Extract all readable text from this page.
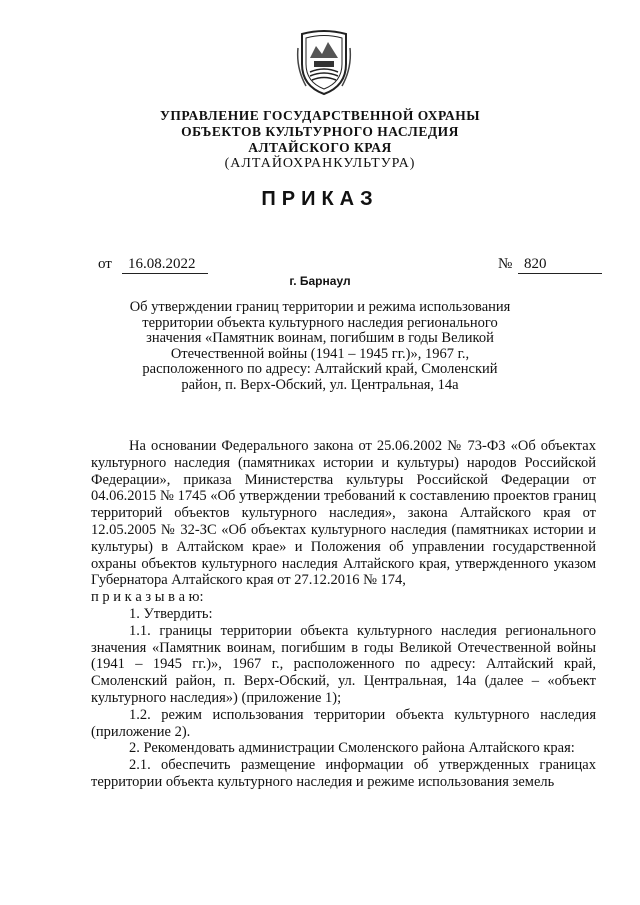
УПРАВЛЕНИЕ ГОСУДАРСТВЕННОЙ ОХРАНЫ
ОБЪЕКТОВ КУЛЬТУРНОГО НАСЛЕДИЯ
АЛТАЙСКОГО КРАЯ
(АЛТАЙОХРАНКУЛЬТУРА)
ПРИКАЗ
от	16.08.2022	№ 820
г. Барнаул
Об утверждении границ территории и режима использования
территории объекта культурного наследия регионального
значения «Памятник воинам, погибшим в годы Великой
Отечественной войны (1941 – 1945 гг.)», 1967 г.,
расположенного по адресу: Алтайский край, Смоленский
район, п. Верх-Обский, ул. Центральная, 14а

На основании Федерального закона от 25.06.2002 № 73-ФЗ «Об объектах культурного наследия (памятниках истории и культуры) народов Российской Федерации», приказа Министерства культуры Российской Федерации от 04.06.2015 № 1745 «Об утверждении требований к составлению проектов границ территорий объектов культурного наследия», закона Алтайского края от 12.05.2005 № 32-ЗС «Об объектах культурного наследия (памятниках истории и культуры) в Алтайском крае» и Положения об управлении государственной охраны объектов культурного наследия Алтайского края, утвержденного указом Губернатора Алтайского края от 27.12.2016 № 174,

п р и к а з ы в а ю:

1. Утвердить:

1.1. границы территории объекта культурного наследия регионального значения «Памятник воинам, погибшим в годы Великой Отечественной войны (1941 – 1945 гг.)», 1967 г., расположенного по адресу: Алтайский край, Смоленский район, п. Верх-Обский, ул. Центральная, 14а (далее – «объект культурного наследия») (приложение 1);

1.2. режим использования территории объекта культурного наследия (приложение 2).

2. Рекомендовать администрации Смоленского района Алтайского края:

2.1. обеспечить размещение информации об утвержденных границах территории объекта культурного наследия и режиме использования земель
